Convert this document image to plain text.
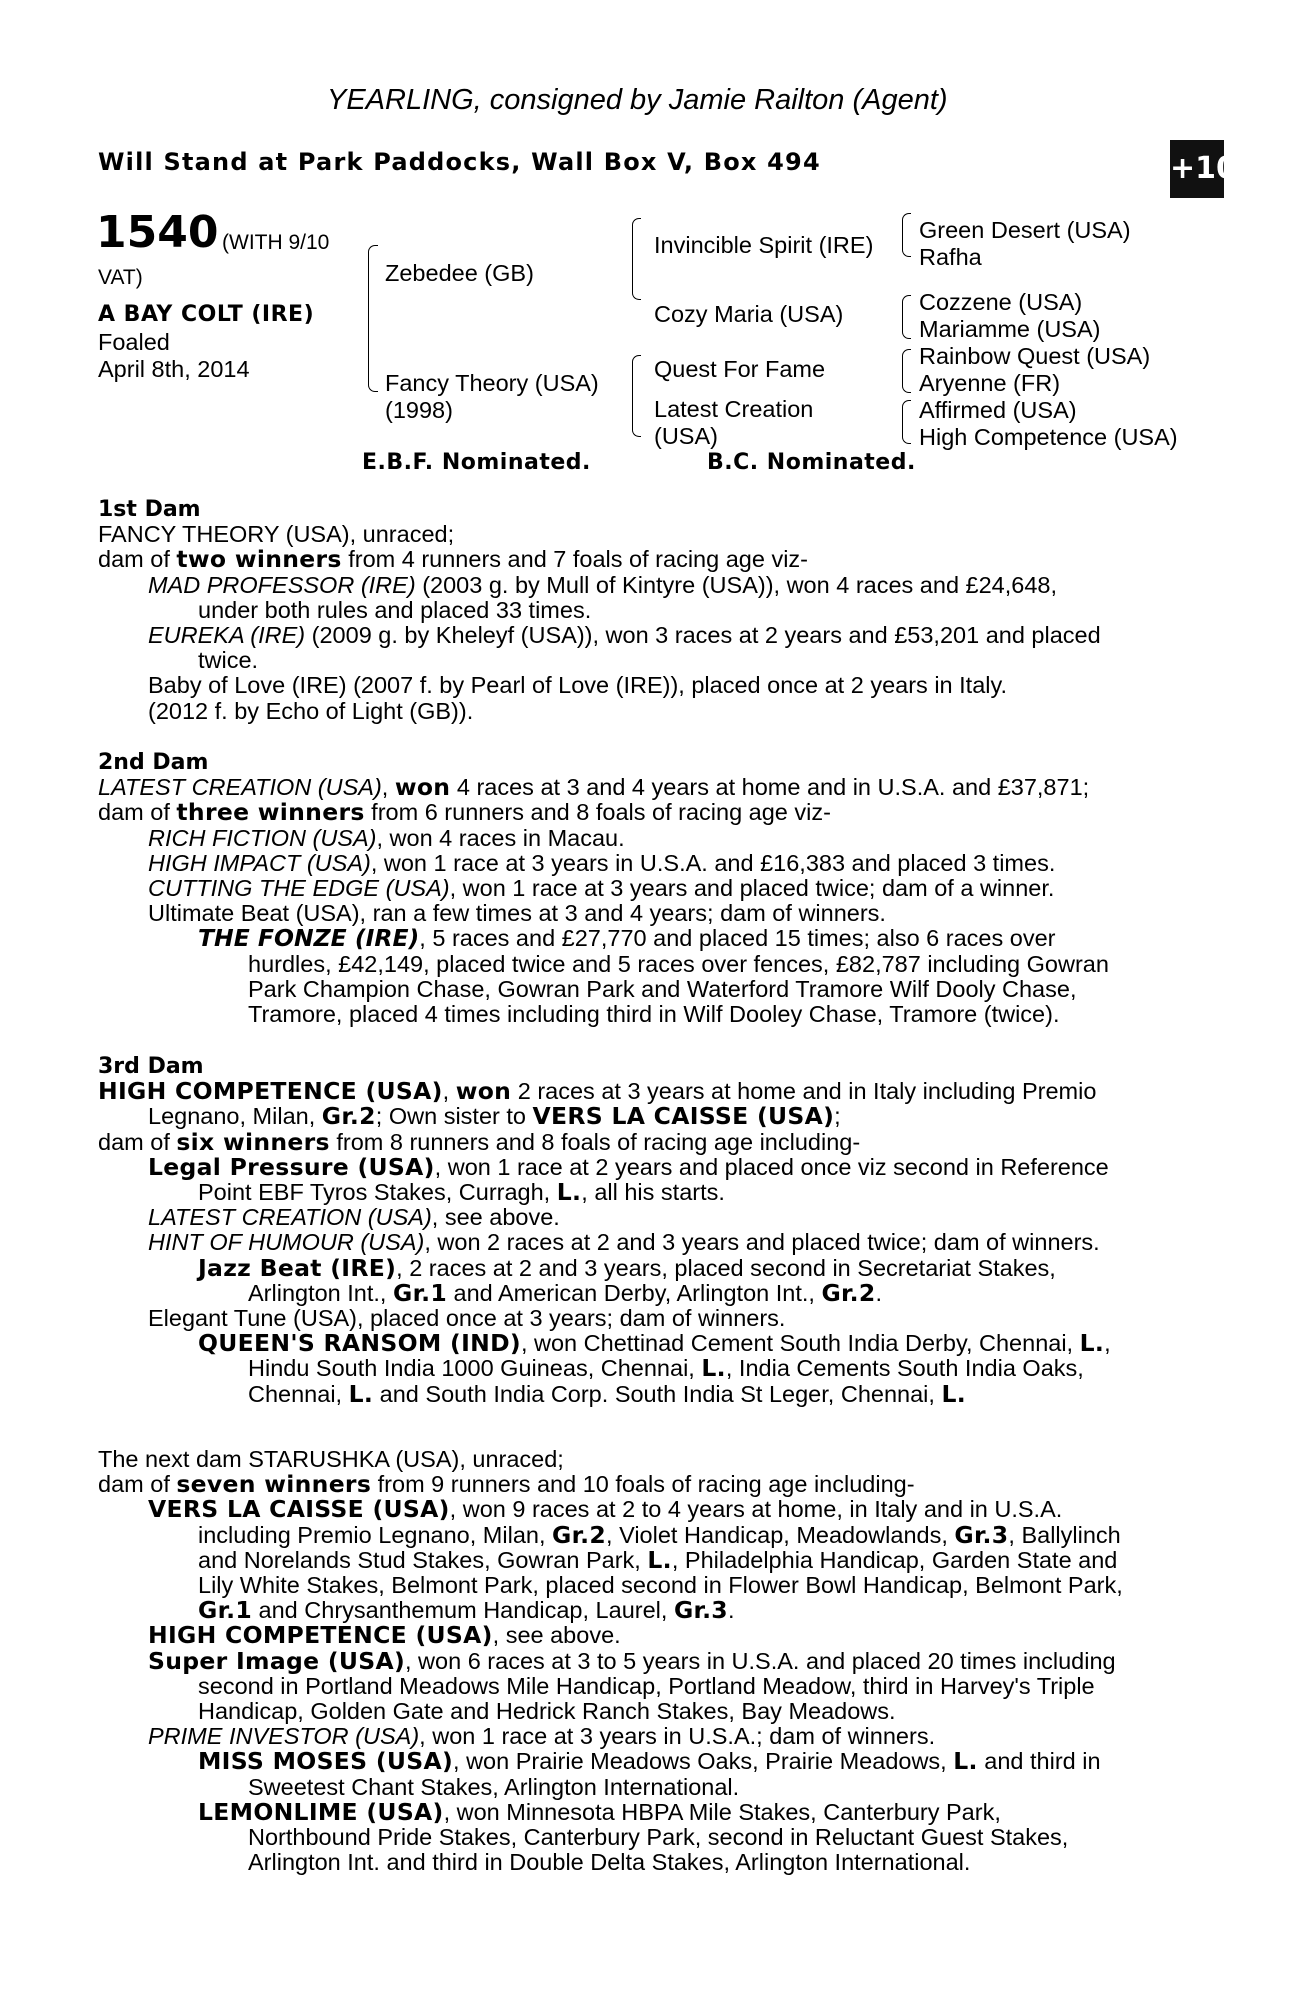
YEARLING, consigned by Jamie Railton (Agent)
Will Stand at Park Paddocks, Wall Box V, Box 494	+10
1540 (WITH 9/10
VAT)
A BAY COLT (IRE)
Foaled
April 8th, 2014
Zebedee (GB)
Fancy Theory (USA)
(1998)
Invincible Spirit (IRE)
Cozy Maria (USA)
Quest For Fame
Latest Creation
(USA)
Green Desert (USA)
Rafha
Cozzene (USA)
Mariamme (USA)
Rainbow Quest (USA)
Aryenne (FR)
Affirmed (USA)
High Competence (USA)
E.B.F. Nominated.	B.C. Nominated.
1st Dam
FANCY THEORY (USA), unraced;
dam of two winners from 4 runners and 7 foals of racing age viz-
MAD PROFESSOR (IRE) (2003 g. by Mull of Kintyre (USA)), won 4 races and £24,648,
under both rules and placed 33 times.
EUREKA (IRE) (2009 g. by Kheleyf (USA)), won 3 races at 2 years and £53,201 and placed
twice.
Baby of Love (IRE) (2007 f. by Pearl of Love (IRE)), placed once at 2 years in Italy.
(2012 f. by Echo of Light (GB)).
2nd Dam
LATEST CREATION (USA), won 4 races at 3 and 4 years at home and in U.S.A. and £37,871;
dam of three winners from 6 runners and 8 foals of racing age viz-
RICH FICTION (USA), won 4 races in Macau.
HIGH IMPACT (USA), won 1 race at 3 years in U.S.A. and £16,383 and placed 3 times.
CUTTING THE EDGE (USA), won 1 race at 3 years and placed twice; dam of a winner.
Ultimate Beat (USA), ran a few times at 3 and 4 years; dam of winners.
THE FONZE (IRE), 5 races and £27,770 and placed 15 times; also 6 races over
hurdles, £42,149, placed twice and 5 races over fences, £82,787 including Gowran
Park Champion Chase, Gowran Park and Waterford Tramore Wilf Dooly Chase,
Tramore, placed 4 times including third in Wilf Dooley Chase, Tramore (twice).
3rd Dam
HIGH COMPETENCE (USA), won 2 races at 3 years at home and in Italy including Premio
Legnano, Milan, Gr.2; Own sister to VERS LA CAISSE (USA);
dam of six winners from 8 runners and 8 foals of racing age including-
Legal Pressure (USA), won 1 race at 2 years and placed once viz second in Reference
Point EBF Tyros Stakes, Curragh, L., all his starts.
LATEST CREATION (USA), see above.
HINT OF HUMOUR (USA), won 2 races at 2 and 3 years and placed twice; dam of winners.
Jazz Beat (IRE), 2 races at 2 and 3 years, placed second in Secretariat Stakes,
Arlington Int., Gr.1 and American Derby, Arlington Int., Gr.2.
Elegant Tune (USA), placed once at 3 years; dam of winners.
QUEEN'S RANSOM (IND), won Chettinad Cement South India Derby, Chennai, L.,
Hindu South India 1000 Guineas, Chennai, L., India Cements South India Oaks,
Chennai, L. and South India Corp. South India St Leger, Chennai, L.
The next dam STARUSHKA (USA), unraced;
dam of seven winners from 9 runners and 10 foals of racing age including-
VERS LA CAISSE (USA), won 9 races at 2 to 4 years at home, in Italy and in U.S.A.
including Premio Legnano, Milan, Gr.2, Violet Handicap, Meadowlands, Gr.3, Ballylinch
and Norelands Stud Stakes, Gowran Park, L., Philadelphia Handicap, Garden State and
Lily White Stakes, Belmont Park, placed second in Flower Bowl Handicap, Belmont Park,
Gr.1 and Chrysanthemum Handicap, Laurel, Gr.3.
HIGH COMPETENCE (USA), see above.
Super Image (USA), won 6 races at 3 to 5 years in U.S.A. and placed 20 times including
second in Portland Meadows Mile Handicap, Portland Meadow, third in Harvey's Triple
Handicap, Golden Gate and Hedrick Ranch Stakes, Bay Meadows.
PRIME INVESTOR (USA), won 1 race at 3 years in U.S.A.; dam of winners.
MISS MOSES (USA), won Prairie Meadows Oaks, Prairie Meadows, L. and third in
Sweetest Chant Stakes, Arlington International.
LEMONLIME (USA), won Minnesota HBPA Mile Stakes, Canterbury Park,
Northbound Pride Stakes, Canterbury Park, second in Reluctant Guest Stakes,
Arlington Int. and third in Double Delta Stakes, Arlington International.
